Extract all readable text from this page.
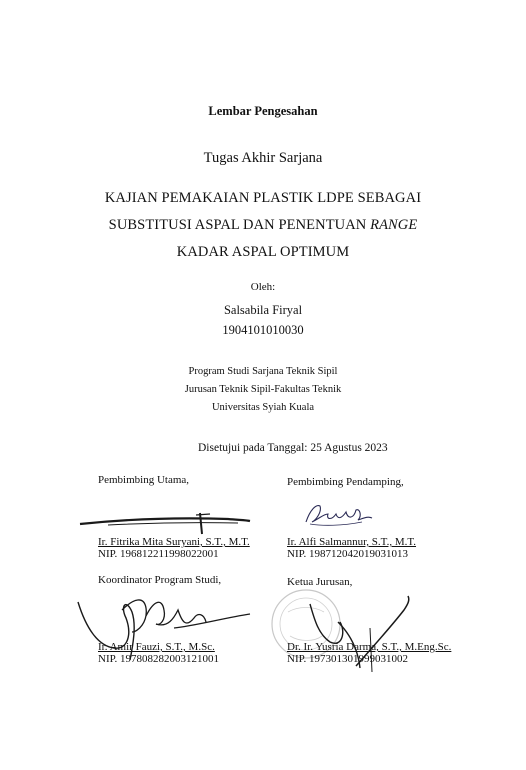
Lembar Pengesahan
Tugas Akhir Sarjana
KAJIAN PEMAKAIAN PLASTIK LDPE SEBAGAI
SUBSTITUSI ASPAL DAN PENENTUAN RANGE
KADAR ASPAL OPTIMUM
Oleh:
Salsabila Firyal
1904101010030
Program Studi Sarjana Teknik Sipil
Jurusan Teknik Sipil-Fakultas Teknik
Universitas Syiah Kuala
Disetujui pada Tanggal: 25 Agustus 2023
Pembimbing Utama,
Ir. Fitrika Mita Suryani, S.T., M.T.
NIP. 196812211998022001
Pembimbing Pendamping,
Ir. Alfi Salmannur, S.T., M.T.
NIP. 198712042019031013
Koordinator Program Studi,
Ir. Amir Fauzi, S.T., M.Sc.
NIP. 197808282003121001
Ketua Jurusan,
Dr. Ir. Yusria Darma, S.T., M.Eng.Sc.
NIP. 197301301999031002
